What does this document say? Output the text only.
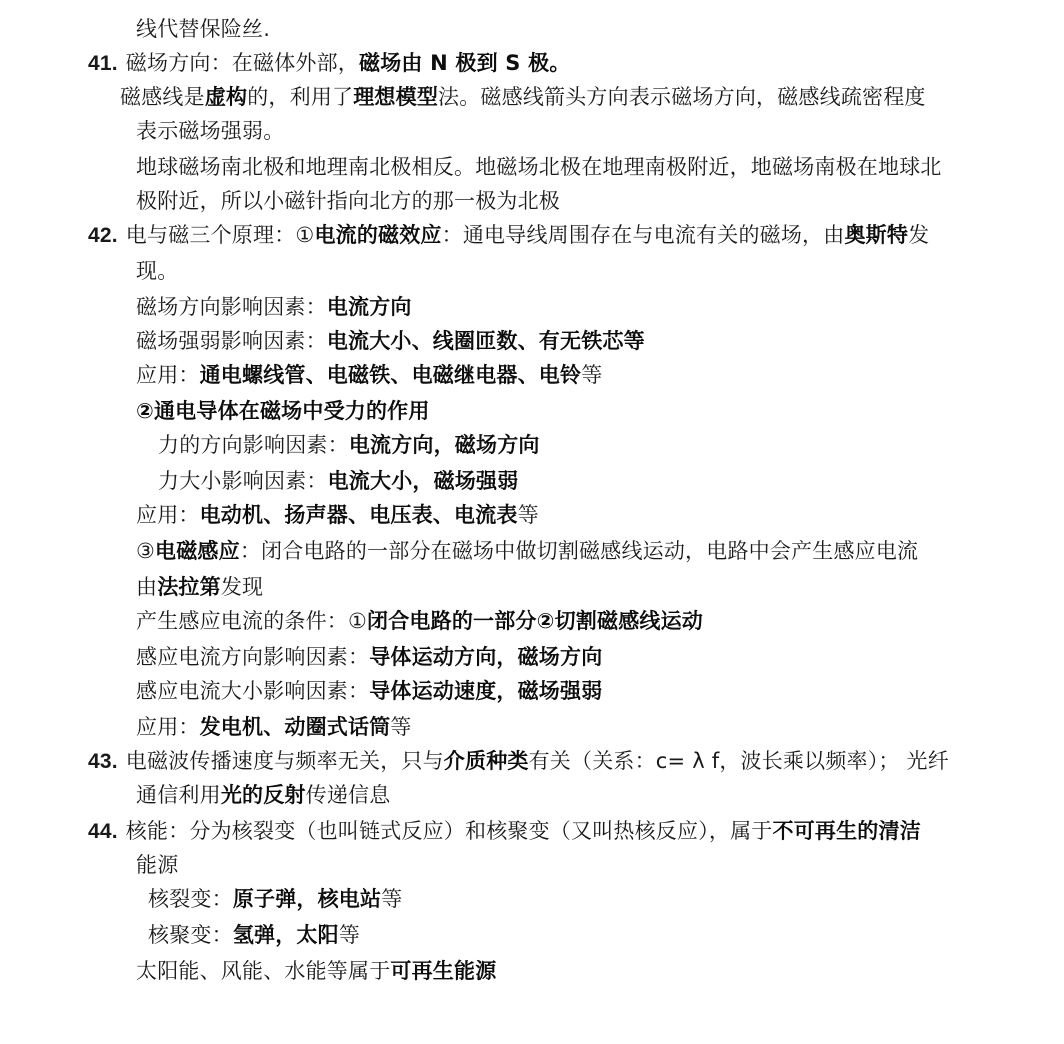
线代替保险丝.
41. 磁场方向：在磁体外部，磁场由 N 极到 S 极。
磁感线是虚构的，利用了理想模型法。磁感线箭头方向表示磁场方向，磁感线疏密程度
表示磁场强弱。
地球磁场南北极和地理南北极相反。地磁场北极在地理南极附近，地磁场南极在地球北
极附近，所以小磁针指向北方的那一极为北极
42. 电与磁三个原理：①电流的磁效应：通电导线周围存在与电流有关的磁场，由奥斯特发
现。
磁场方向影响因素：电流方向
磁场强弱影响因素：电流大小、线圈匝数、有无铁芯等
应用：通电螺线管、电磁铁、电磁继电器、电铃等
②通电导体在磁场中受力的作用
力的方向影响因素：电流方向，磁场方向
力大小影响因素：电流大小，磁场强弱
应用：电动机、扬声器、电压表、电流表等
③电磁感应：闭合电路的一部分在磁场中做切割磁感线运动，电路中会产生感应电流
由法拉第发现
产生感应电流的条件：①闭合电路的一部分②切割磁感线运动
感应电流方向影响因素：导体运动方向，磁场方向
感应电流大小影响因素：导体运动速度，磁场强弱
应用：发电机、动圈式话筒等
43. 电磁波传播速度与频率无关，只与介质种类有关（关系：c= λ f，波长乘以频率）； 光纤
通信利用光的反射传递信息
44. 核能：分为核裂变（也叫链式反应）和核聚变（又叫热核反应），属于不可再生的清洁
能源
核裂变：原子弹，核电站等
核聚变：氢弹，太阳等
太阳能、风能、水能等属于可再生能源
